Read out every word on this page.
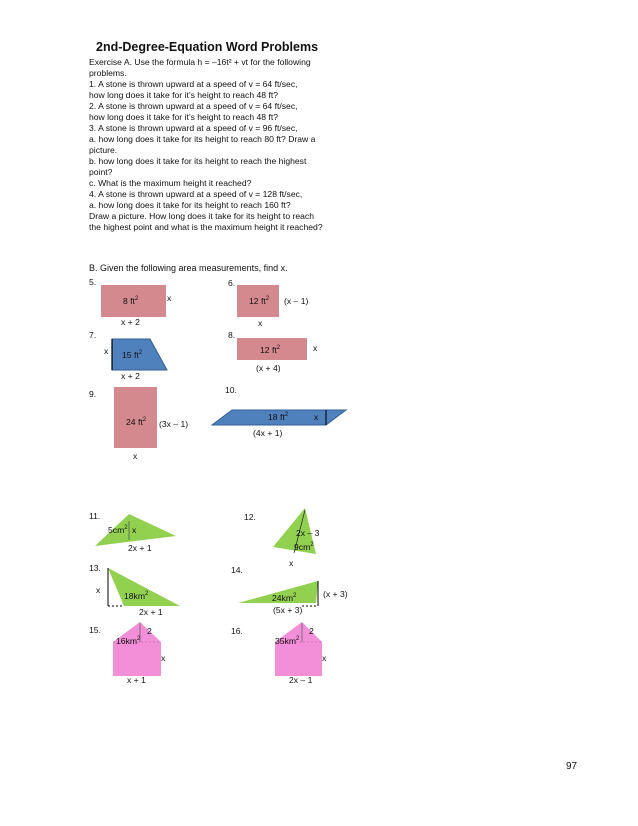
2nd-Degree-Equation Word Problems
Exercise A. Use the formula h = –16t² + vt for the following
problems.
1. A stone is thrown upward at a speed of v = 64 ft/sec,
how long does it take for it’s height to reach 48 ft?
2. A stone is thrown upward at a speed of v = 64 ft/sec,
how long does it take for it’s height to reach 48 ft?
3. A stone is thrown upward at a speed of v = 96 ft/sec,
a. how long does it take for its height to reach 80 ft? Draw a
picture.
b. how long does it take for its height to reach the highest
point?
c. What is the maximum height it reached?
4. A stone is thrown upward at a speed of v = 128 ft/sec,
a. how long does it take for its height to reach 160 ft?
Draw a picture. How long does it take for its height to reach
the highest point and what is the maximum height it reached?
B. Given the following area measurements, find x.
5.
8 $ft^2$	x
x + 2
6.
12 $ft^2$ (x – 1)
x
7.
15 $ft^2$
x
x + 2
8.
12 $ft^2$	x
(x + 4)
9.
24 $ft^2$ (3x – 1)
x
10.
18 $ft^2$	x
(4x + 1)
11.
$5cm^2$ x
2x + 1
12.
2x – 3
$9cm^2$
x
13.
x
$18km^2$
2x + 1
14.
$24km^2$	(x + 3)
(5x + 3)
15.
$16km^2$
2
x
x + 1
16.
$35km^2$
2
x
2x – 1
97
